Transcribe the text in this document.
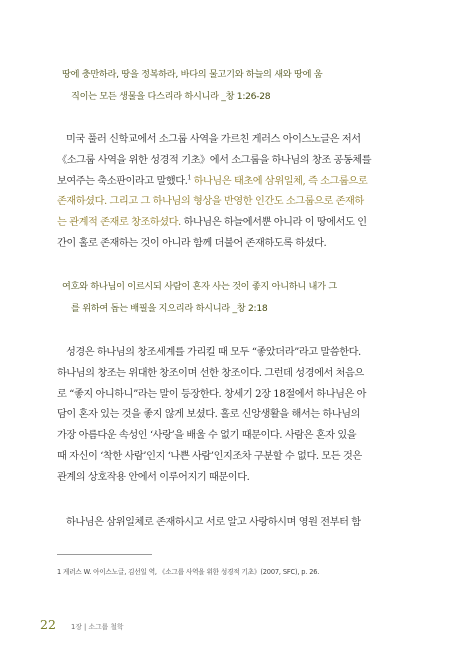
땅에 충만하라, 땅을 정복하라, 바다의 물고기와 하늘의 새와 땅에 움
직이는 모든 생물을 다스리라 하시니라 _창 1:26-28
미국 풀러 신학교에서 소그룹 사역을 가르친 게러스 아이스노글은 저서
《소그룹 사역을 위한 성경적 기초》에서 소그룹을 하나님의 창조 공동체를
보여주는 축소판이라고 말했다.$^1$ 하나님은 태초에 삼위일체, 즉 소그룹으로
존재하셨다. 그리고 그 하나님의 형상을 반영한 인간도 소그룹으로 존재하
는 관계적 존재로 창조하셨다. 하나님은 하늘에서뿐 아니라 이 땅에서도 인
간이 홀로 존재하는 것이 아니라 함께 더불어 존재하도록 하셨다.
여호와 하나님이 이르시되 사람이 혼자 사는 것이 좋지 아니하니 내가 그
를 위하여 돕는 배필을 지으리라 하시니라 _창 2:18
성경은 하나님의 창조세계를 가리킬 때 모두 “좋았더라”라고 말씀한다.
하나님의 창조는 위대한 창조이며 선한 창조이다. 그런데 성경에서 처음으
로 “좋지 아니하니”라는 말이 등장한다. 창세기 2장 18절에서 하나님은 아
담이 혼자 있는 것을 좋지 않게 보셨다. 홀로 신앙생활을 해서는 하나님의
가장 아름다운 속성인 ‘사랑’을 배울 수 없기 때문이다. 사람은 혼자 있을
때 자신이 ‘착한 사람’인지 ‘나쁜 사람’인지조차 구분할 수 없다. 모든 것은
관계의 상호작용 안에서 이루어지기 때문이다.
하나님은 삼위일체로 존재하시고 서로 알고 사랑하시며 영원 전부터 함
1 게러스 W. 아이스노글, 김선일 역, 《소그룹 사역을 위한 성경적 기초》(2007, SFC), p. 26.
22 1장 | 소그룹 철학
